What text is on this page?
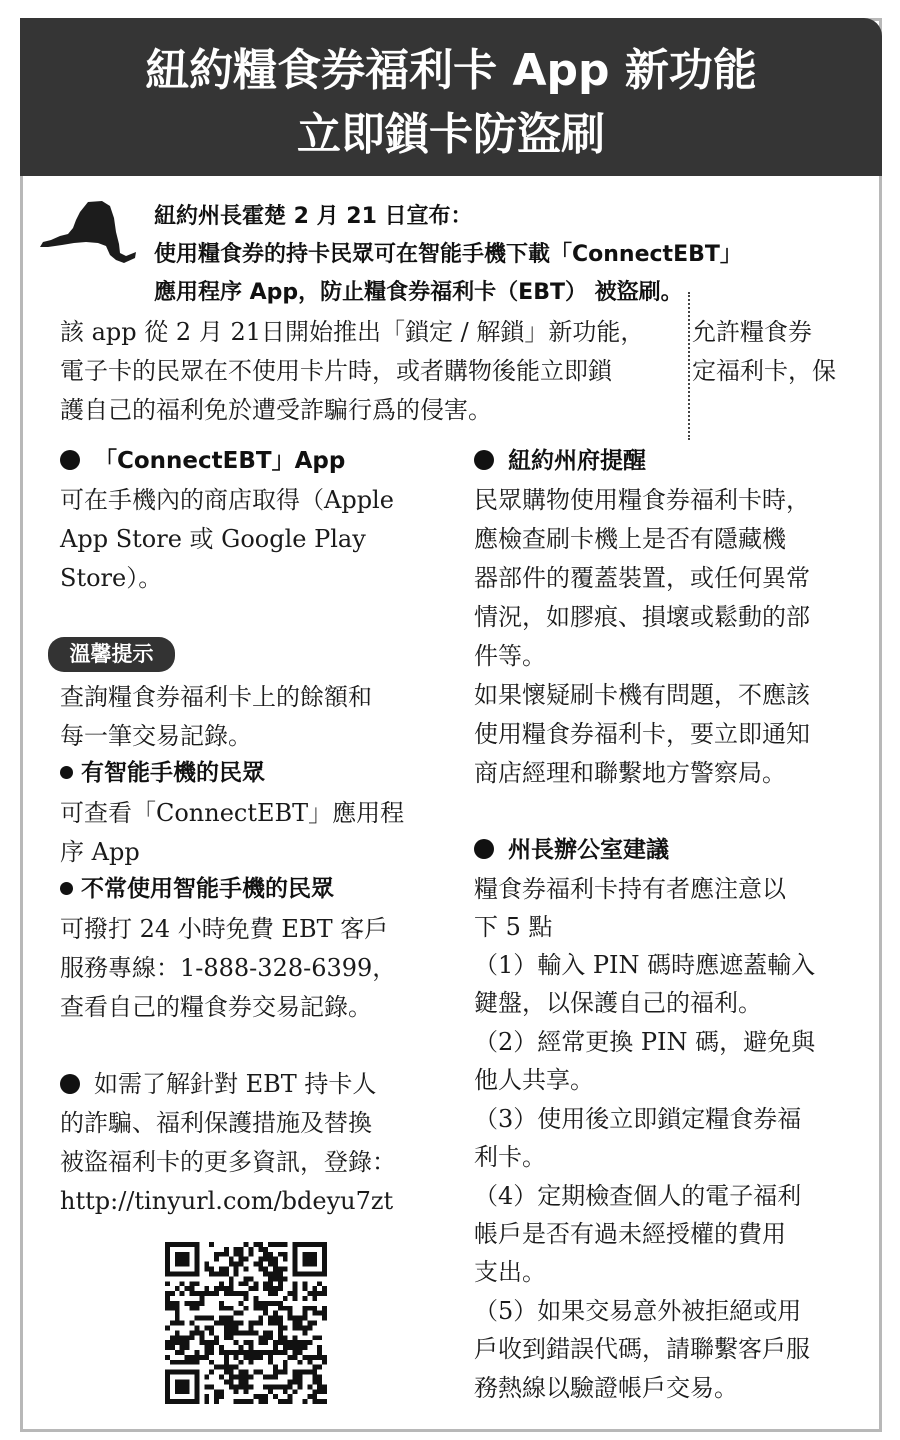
紐約糧食券福利卡 App 新功能
立即鎖卡防盜刷
紐約州長霍楚 2 月 21 日宣布：
使用糧食券的持卡民眾可在智能手機下載「ConnectEBT」
應用程序 App，防止糧食券福利卡（EBT） 被盜刷。
該 app 從 2 月 21日開始推出「鎖定 / 解鎖」新功能，
電子卡的民眾在不使用卡片時，或者購物後能立即鎖
護自己的福利免於遭受詐騙行爲的侵害。
允許糧食券
定福利卡，保
「ConnectEBT」App
可在手機內的商店取得（Apple
App Store 或 Google Play
Store）。
溫馨提示
查詢糧食券福利卡上的餘額和
每一筆交易記錄。
有智能手機的民眾
可查看「ConnectEBT」應用程
序 App
不常使用智能手機的民眾
可撥打 24 小時免費 EBT 客戶
服務專線：1-888-328-6399，
查看自己的糧食券交易記錄。
如需了解針對 EBT 持卡人
的詐騙、福利保護措施及替換
被盜福利卡的更多資訊，登錄：
http://tinyurl.com/bdeyu7zt
紐約州府提醒
民眾購物使用糧食券福利卡時，
應檢查刷卡機上是否有隱藏機
器部件的覆蓋裝置，或任何異常
情況，如膠痕、損壞或鬆動的部
件等。
如果懷疑刷卡機有問題，不應該
使用糧食券福利卡，要立即通知
商店經理和聯繫地方警察局。
州長辦公室建議
糧食券福利卡持有者應注意以
下 5 點
（1）輸入 PIN 碼時應遮蓋輸入
鍵盤，以保護自己的福利。
（2）經常更換 PIN 碼，避免與
他人共享。
（3）使用後立即鎖定糧食券福
利卡。
（4）定期檢查個人的電子福利
帳戶是否有過未經授權的費用
支出。
（5）如果交易意外被拒絕或用
戶收到錯誤代碼，請聯繫客戶服
務熱線以驗證帳戶交易。
